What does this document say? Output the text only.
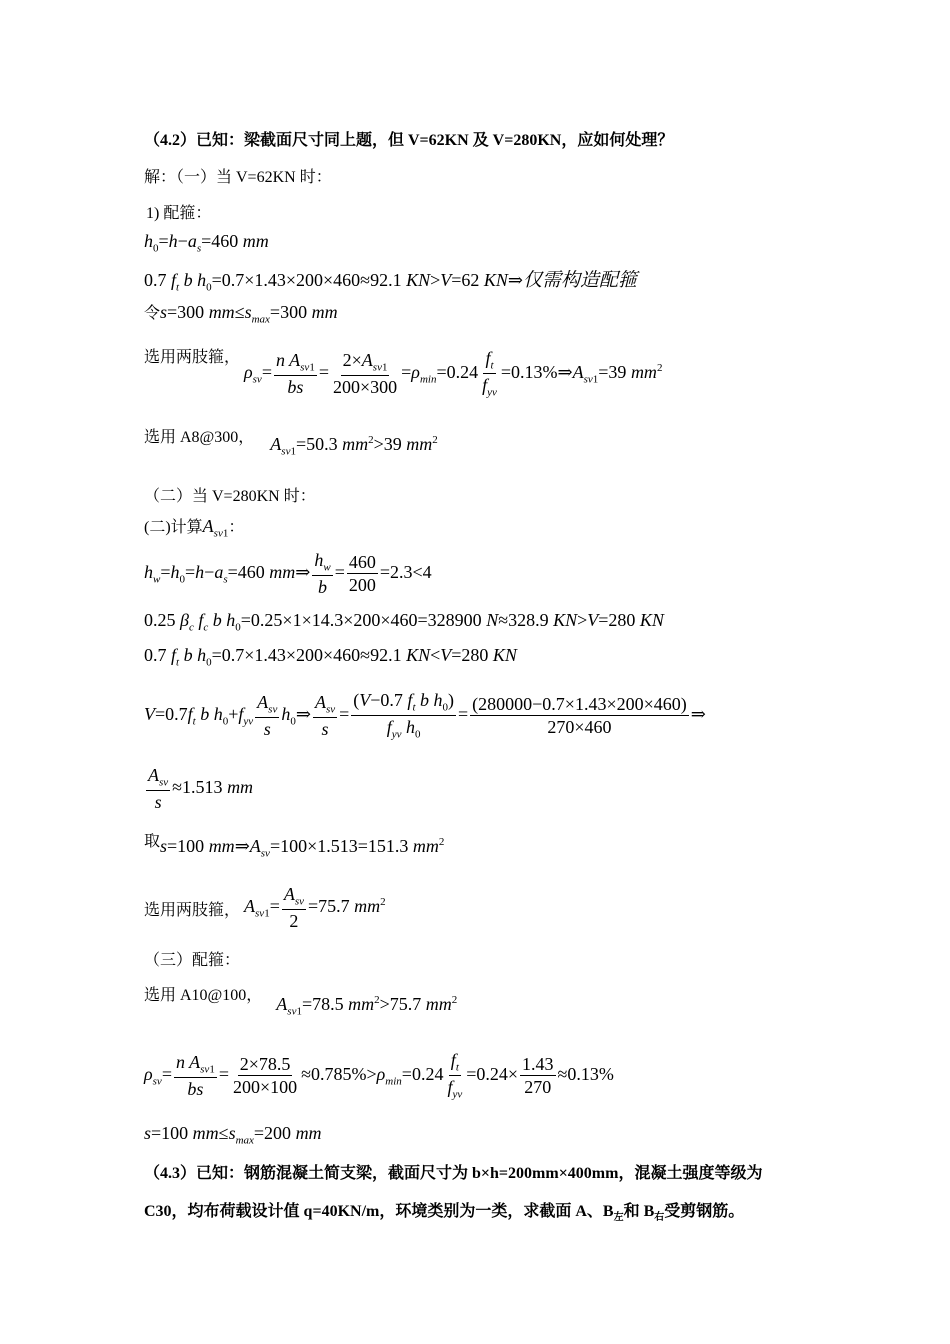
（4.2）已知：梁截面尺寸同上题，但 V=62KN 及 V=280KN，应如何处理？
解：（一）当 V=62KN 时：
1) 配箍：
$h_0=h-a_s=460$ mm
0.7 $f_t$ b $h_0=0.7\times 1.43\times 200\times 460\approx 92.1$ KN>V=62 KN⇒仅需构造配箍
令s=300 $mm\le s_{max}=300$ mm
选用两肢箍， $\rho_{sv}= \frac{n A_{sv1}}{bs} = \frac{2\times A_{sv1}}{200\times 300} =\rho_{min}=0.24 \frac{f_t}{f_{yv}}$ $=0.13\%\Rightarrow A_{sv1}=39$ $mm^2$
选用 A8@300， $A_{sv1}=50.3$ $mm^2>39$ $mm^2$
（二）当 V=280KN 时：
(二)计算$A_{sv1}$：
$h_w=h_0=h-a_s=460$ mm⇒ $\frac{h_w}{b} = \frac{460}{200} =2.3<4$
0.25 $\beta_c$ $f_c$ b $h_0=0.25\times 1\times 14.3\times 200\times 460=328900$ N≈328.9 KN>V=280 KN
0.7 $f_t$ b $h_0=0.7\times 1.43\times 200\times 460\approx 92.1$ KN<V=280 KN
$V=0.7f_t$ b $h_0+f_{yv} \frac{A_{sv}}{s}$ $h_0\Rightarrow \frac{A_{sv}}{s} = \frac{(V-0.7 f_t b h_0)}{f_{yv} h_0} = \frac{(280000-0.7\times 1.43\times 200\times 460)}{270\times 460}$ ⇒
$\frac{A_{sv}}{s} \approx 1.513$ mm
取s=100 $mm\Rightarrow A_{sv}=100\times 1.513=151.3$ $mm^2$
选用两肢箍， $A_{sv1}= \frac{A_{sv}}{2} =75.7$ $mm^2$
（三）配箍：
选用 A10@100， $A_{sv1}=78.5$ $mm^2>75.7$ $mm^2$
$\rho_{sv}= \frac{n A_{sv1}}{bs} = \frac{2\times 78.5}{200\times 100} \approx 0.785\%>\rho_{min}=0.24 \frac{f_t}{f_{yv}} =0.24\times \frac{1.43}{270} \approx 0.13\%$
s=100 $mm\le s_{max}=200$ mm
（4.3）已知：钢筋混凝土简支梁，截面尺寸为 b×h=200mm×400mm，混凝土强度等级为
C30，均布荷载设计值 q=40KN/m，环境类别为一类，求截面 A、$B_左$和 $B_右$受剪钢筋。
